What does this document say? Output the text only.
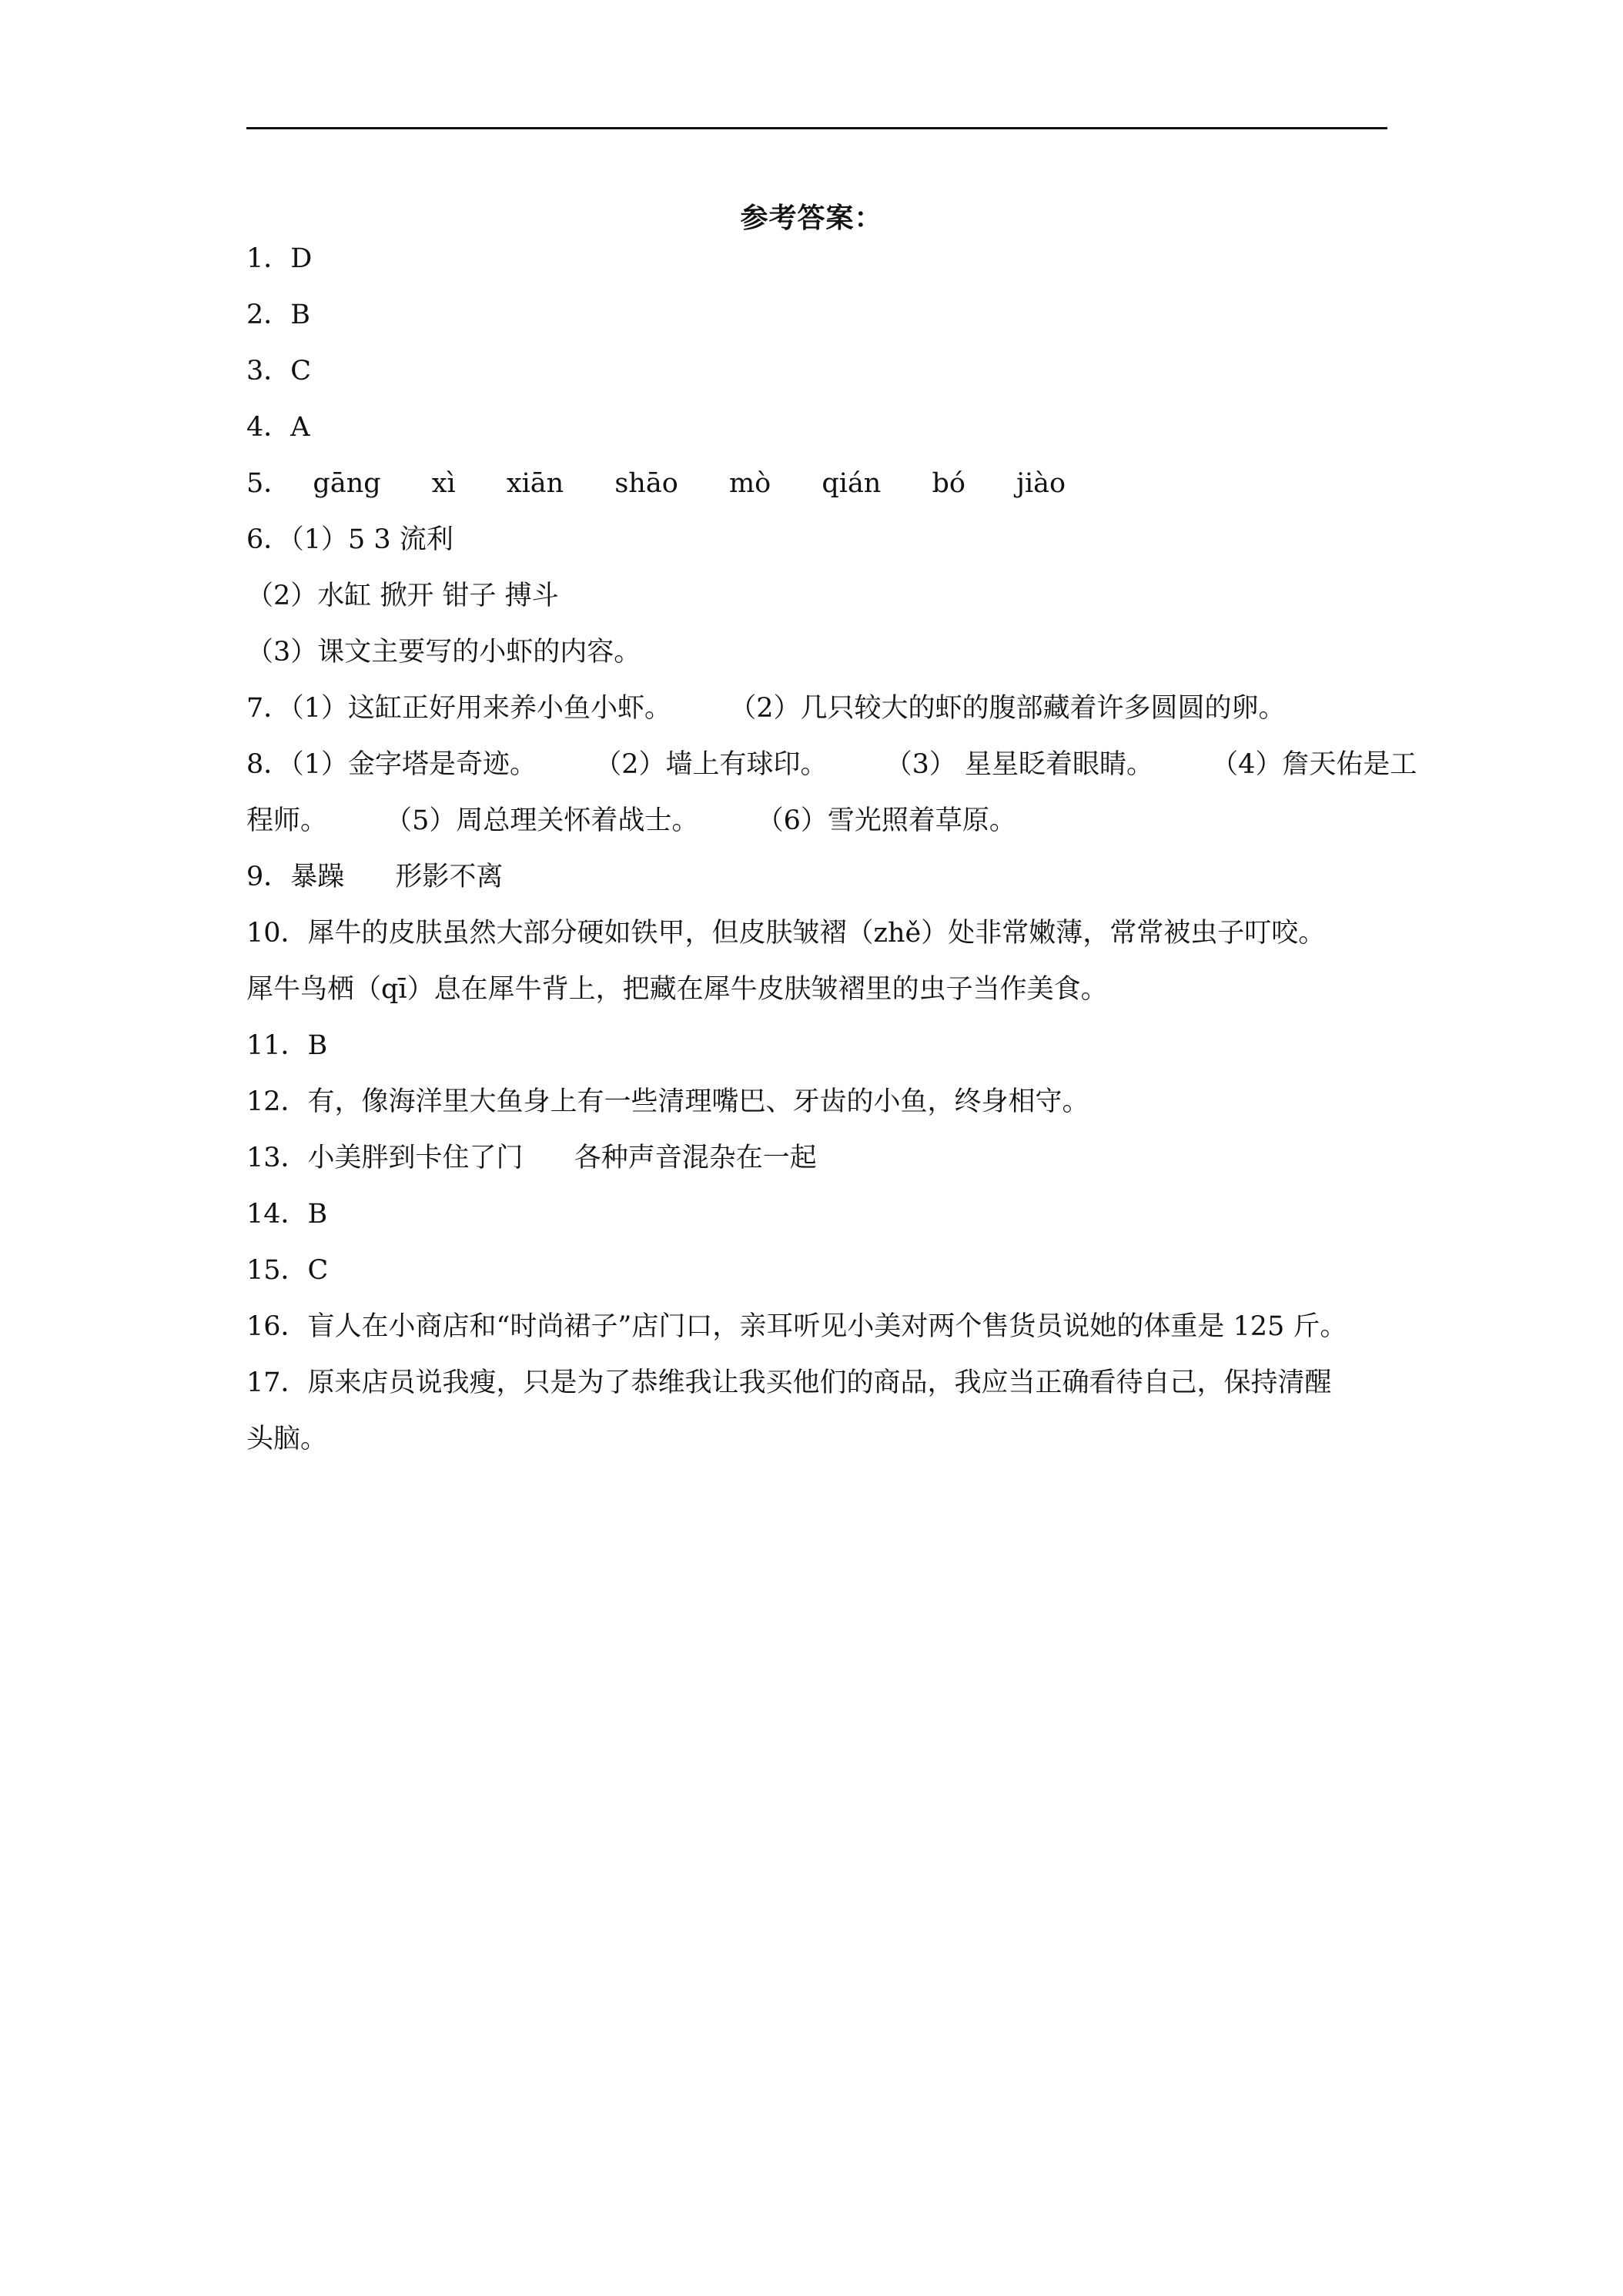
参考答案：
1．D
2．B
3．C
4．A
5． gāng xì xiān shāo mò qián bó jiào
6．（1）5 3 流利
（2）水缸 掀开 钳子 搏斗
（3）课文主要写的小虾的内容。
7．（1）这缸正好用来养小鱼小虾。 （2）几只较大的虾的腹部藏着许多圆圆的卵。
8．（1）金字塔是奇迹。 （2）墙上有球印。 （3） 星星眨着眼睛。 （4）詹天佑是工
程师。 （5）周总理关怀着战士。 （6）雪光照着草原。
9．暴躁 形影不离
10．犀牛的皮肤虽然大部分硬如铁甲，但皮肤皱褶（zhě）处非常嫩薄，常常被虫子叮咬。
犀牛鸟栖（qī）息在犀牛背上，把藏在犀牛皮肤皱褶里的虫子当作美食。
11．B
12．有，像海洋里大鱼身上有一些清理嘴巴、牙齿的小鱼，终身相守。
13．小美胖到卡住了门 各种声音混杂在一起
14．B
15．C
16．盲人在小商店和“时尚裙子”店门口，亲耳听见小美对两个售货员说她的体重是 125 斤。
17．原来店员说我瘦，只是为了恭维我让我买他们的商品，我应当正确看待自己，保持清醒
头脑。
